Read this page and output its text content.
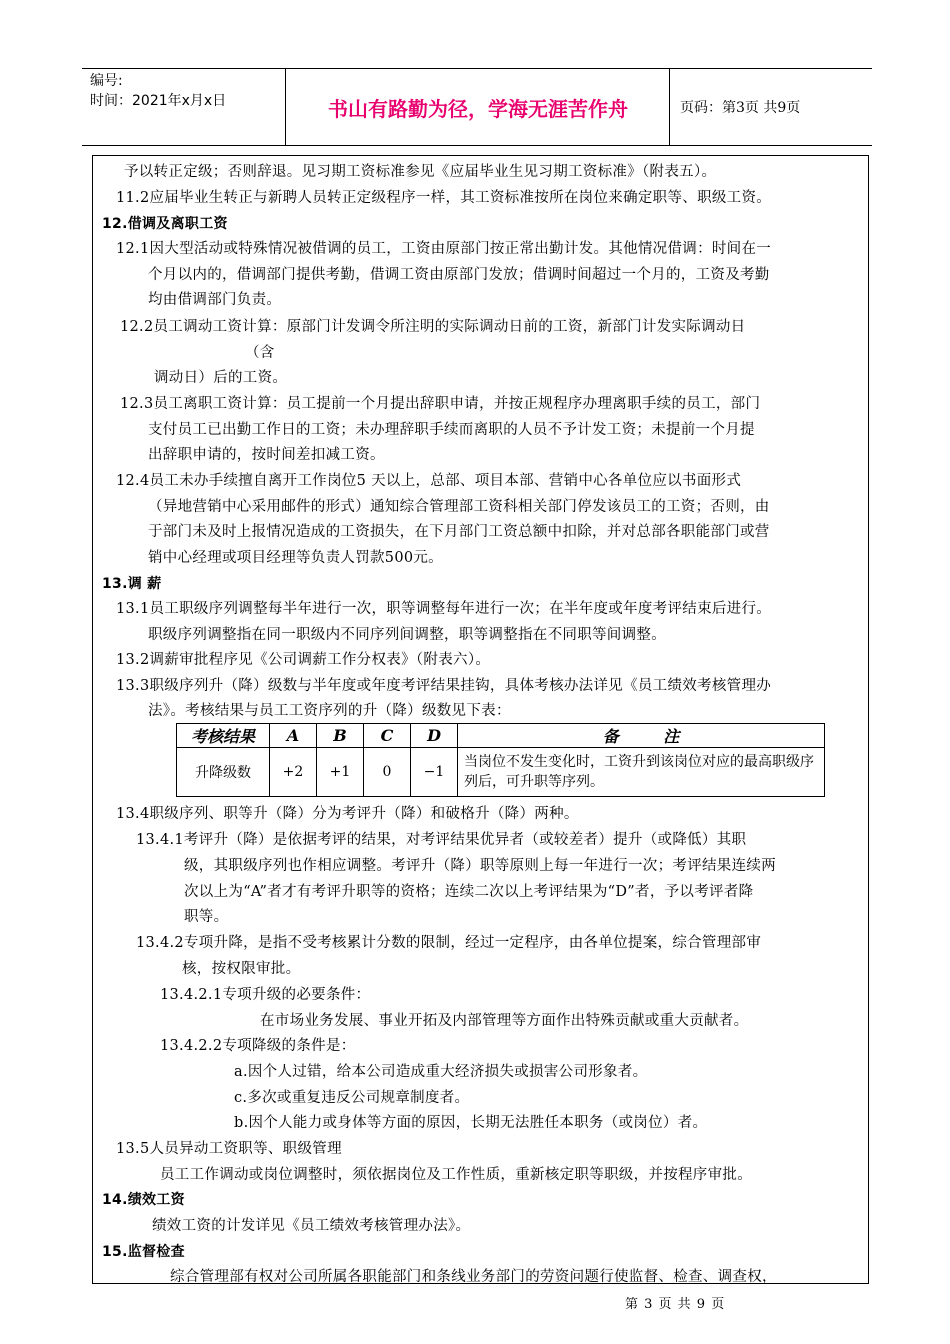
编号:
时间：2021年x月x日	书山有路勤为径，学海无涯苦作舟	页码：第3页 共9页
予以转正定级；否则辞退。见习期工资标准参见《应届毕业生见习期工资标准》（附表五）。
11.2应届毕业生转正与新聘人员转正定级程序一样，其工资标准按所在岗位来确定职等、职级工资。
12.借调及离职工资
12.1因大型活动或特殊情况被借调的员工，工资由原部门按正常出勤计发。其他情况借调：时间在一
个月以内的，借调部门提供考勤，借调工资由原部门发放；借调时间超过一个月的，工资及考勤
均由借调部门负责。
12.2员工调动工资计算：原部门计发调令所注明的实际调动日前的工资，新部门计发实际调动日
（含
调动日）后的工资。
12.3员工离职工资计算：员工提前一个月提出辞职申请，并按正规程序办理离职手续的员工，部门
支付员工已出勤工作日的工资；未办理辞职手续而离职的人员不予计发工资；未提前一个月提
出辞职申请的，按时间差扣减工资。
12.4员工未办手续擅自离开工作岗位5 天以上，总部、项目本部、营销中心各单位应以书面形式
（异地营销中心采用邮件的形式）通知综合管理部工资科相关部门停发该员工的工资；否则，由
于部门未及时上报情况造成的工资损失，在下月部门工资总额中扣除，并对总部各职能部门或营
销中心经理或项目经理等负责人罚款500元。
13.调 薪
13.1员工职级序列调整每半年进行一次，职等调整每年进行一次；在半年度或年度考评结束后进行。
职级序列调整指在同一职级内不同序列间调整，职等调整指在不同职等间调整。
13.2调薪审批程序见《公司调薪工作分权表》（附表六）。
13.3职级序列升（降）级数与半年度或年度考评结果挂钩，具体考核办法详见《员工绩效考核管理办
法》。考核结果与员工工资序列的升（降）级数见下表：
考核结果	A	B	C	D	备        注
升降级数	+2	+1	0	−1	当岗位不发生变化时，工资升到该岗位对应的最高职级序列后，可升职等序列。
13.4职级序列、职等升（降）分为考评升（降）和破格升（降）两种。
13.4.1考评升（降）是依据考评的结果，对考评结果优异者（或较差者）提升（或降低）其职
级，其职级序列也作相应调整。考评升（降）职等原则上每一年进行一次；考评结果连续两
次以上为“A”者才有考评升职等的资格；连续二次以上考评结果为“D”者，予以考评者降
职等。
13.4.2专项升降，是指不受考核累计分数的限制，经过一定程序，由各单位提案，综合管理部审
核，按权限审批。
13.4.2.1专项升级的必要条件：
在市场业务发展、事业开拓及内部管理等方面作出特殊贡献或重大贡献者。
13.4.2.2专项降级的条件是：
a.因个人过错，给本公司造成重大经济损失或损害公司形象者。
c.多次或重复违反公司规章制度者。
b.因个人能力或身体等方面的原因，长期无法胜任本职务（或岗位）者。
13.5人员异动工资职等、职级管理
员工工作调动或岗位调整时，须依据岗位及工作性质，重新核定职等职级，并按程序审批。
14.绩效工资
绩效工资的计发详见《员工绩效考核管理办法》。
15.监督检查
综合管理部有权对公司所属各职能部门和条线业务部门的劳资问题行使监督、检查、调查权，
第 3 页 共 9 页
